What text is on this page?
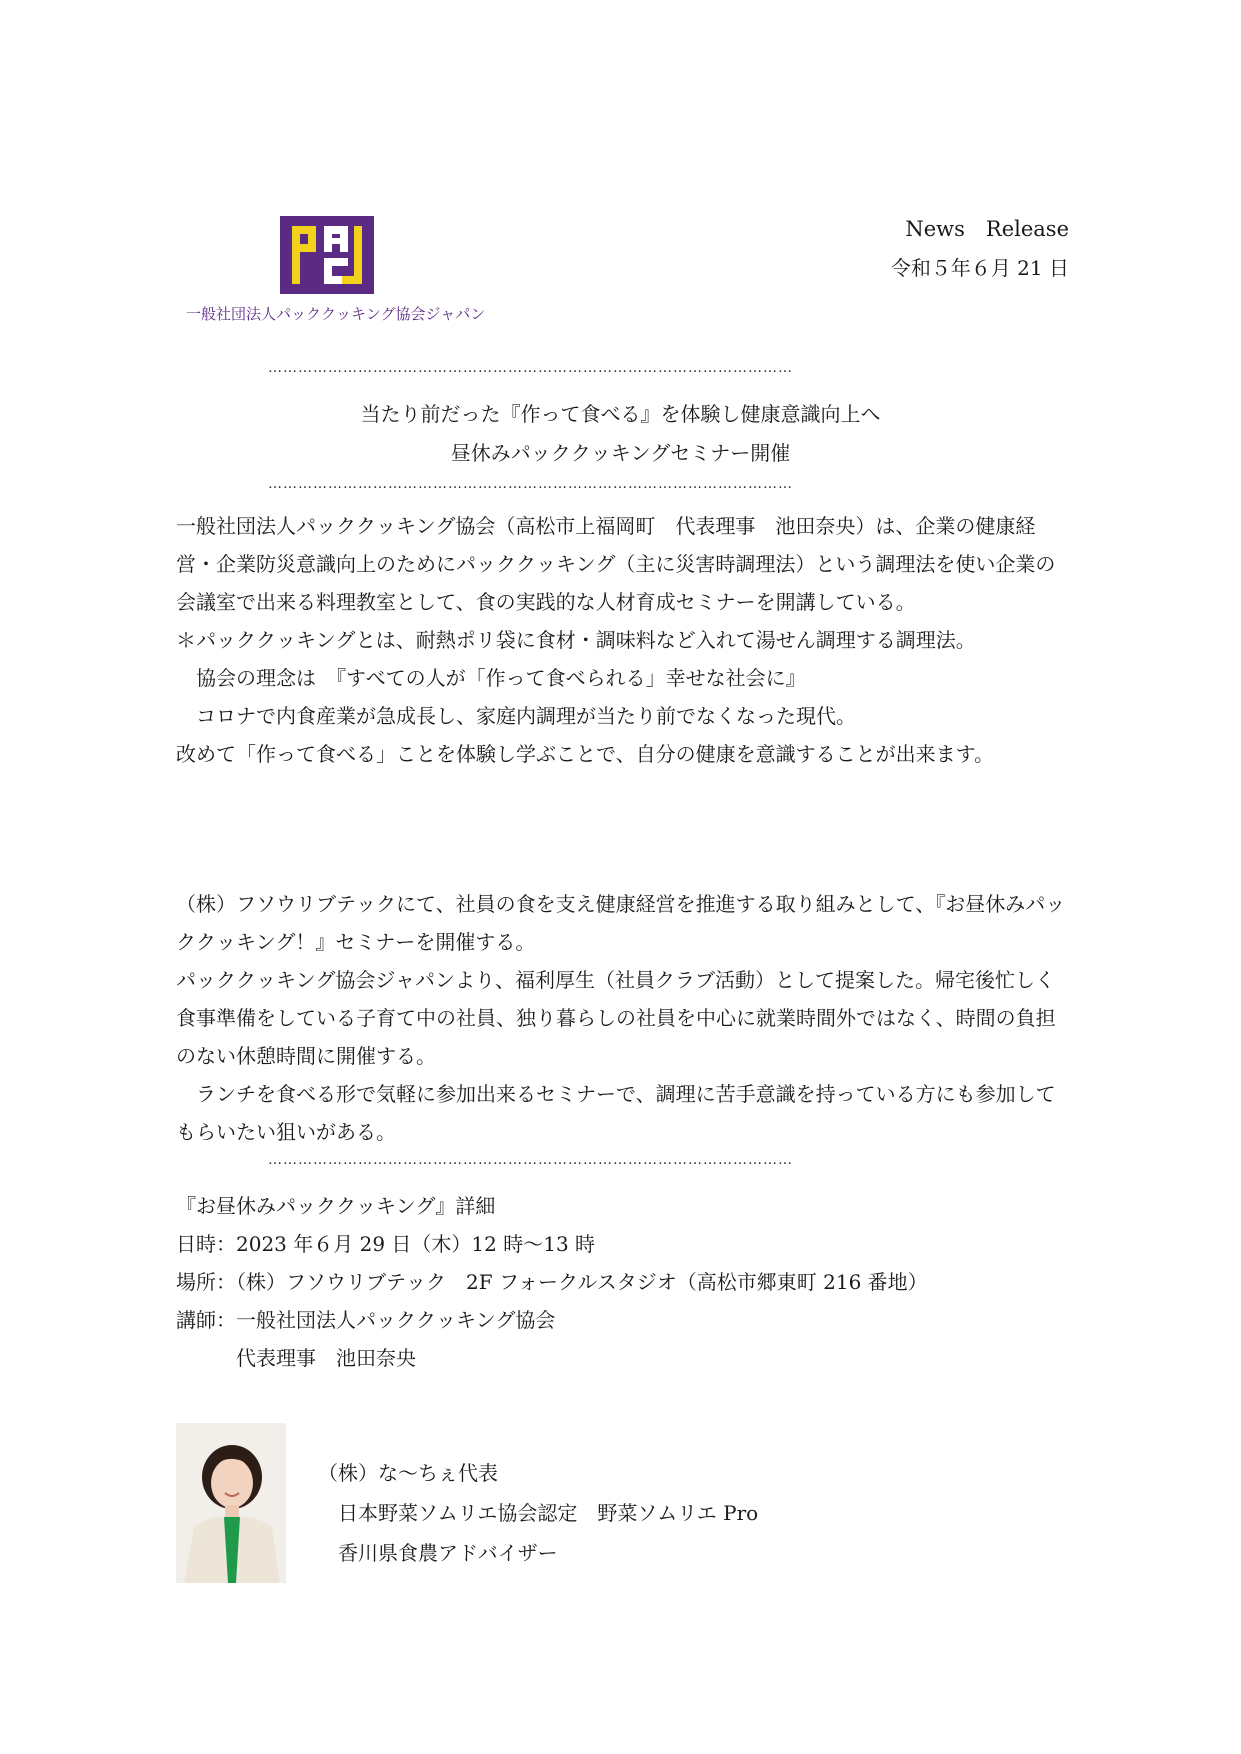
一般社団法人パッククッキング協会ジャパン
News　Release
令和５年６月 21 日
……………………………………………………………………………………………
当たり前だった『作って食べる』を体験し健康意識向上へ
昼休みパッククッキングセミナー開催
……………………………………………………………………………………………

一般社団法人パッククッキング協会（高松市上福岡町　代表理事　池田奈央）は、企業の健康経営・企業防災意識向上のためにパッククッキング（主に災害時調理法）という調理法を使い企業の会議室で出来る料理教室として、食の実践的な人材育成セミナーを開講している。

＊パッククッキングとは、耐熱ポリ袋に食材・調味料など入れて湯せん調理する調理法。

　協会の理念は　『すべての人が「作って食べられる」幸せな社会に』

　コロナで内食産業が急成長し、家庭内調理が当たり前でなくなった現代。

改めて「作って食べる」ことを体験し学ぶことで、自分の健康を意識することが出来ます。

（株）フソウリブテックにて、社員の食を支え健康経営を推進する取り組みとして、『お昼休みパッククッキング！』セミナーを開催する。

パッククッキング協会ジャパンより、福利厚生（社員クラブ活動）として提案した。帰宅後忙しく食事準備をしている子育て中の社員、独り暮らしの社員を中心に就業時間外ではなく、時間の負担のない休憩時間に開催する。

　ランチを食べる形で気軽に参加出来るセミナーで、調理に苦手意識を持っている方にも参加してもらいたい狙いがある。

……………………………………………………………………………………………

『お昼休みパッククッキング』詳細

日時：2023 年６月 29 日（木）12 時～13 時

場所：（株）フソウリブテック　2F フォークルスタジオ（高松市郷東町 216 番地）

講師：一般社団法人パッククッキング協会

　　　代表理事　池田奈央

（株）な～ちぇ代表

　日本野菜ソムリエ協会認定　野菜ソムリエ Pro

　香川県食農アドバイザー
